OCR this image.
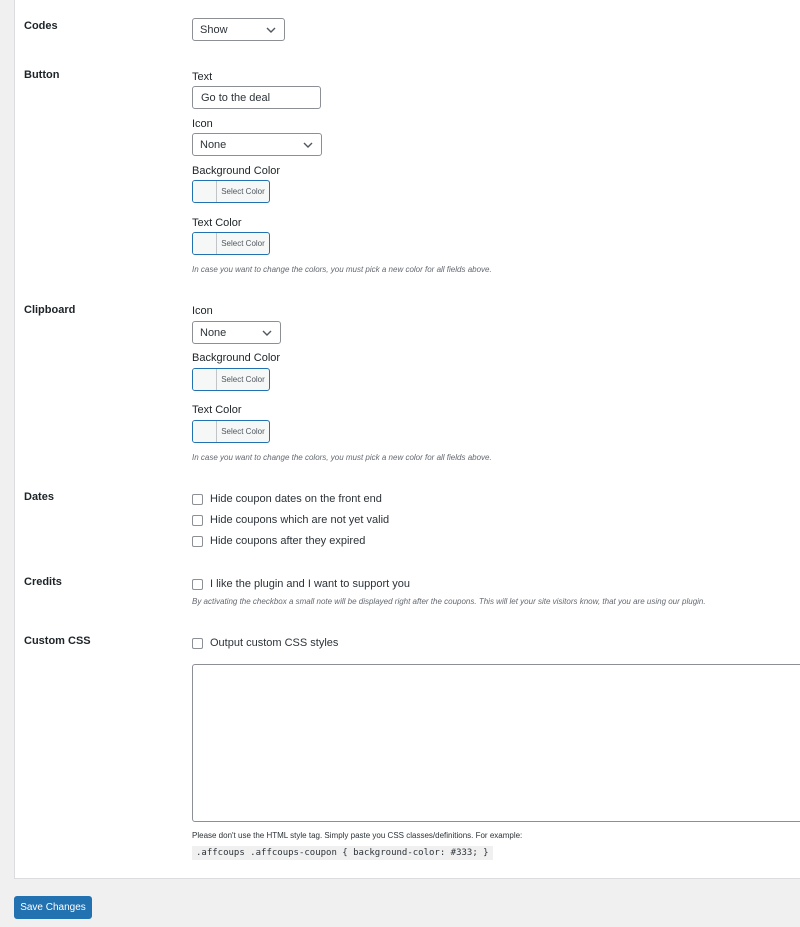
Codes	Show
Button	Text
Go to the deal
Icon
None
Background Color
Select Color
Text Color
Select Color
In case you want to change the colors, you must pick a new color for all fields above.
Clipboard	Icon
None
Background Color
Select Color
Text Color
Select Color
In case you want to change the colors, you must pick a new color for all fields above.
Dates	Hide coupon dates on the front end
Hide coupons which are not yet valid
Hide coupons after they expired
Credits	I like the plugin and I want to support you
By activating the checkbox a small note will be displayed right after the coupons. This will let your site visitors know, that you are using our plugin.
Custom CSS	Output custom CSS styles
Please don't use the HTML style tag. Simply paste you CSS classes/definitions. For example:
.affcoups .affcoups-coupon { background-color: #333; }
Save Changes
